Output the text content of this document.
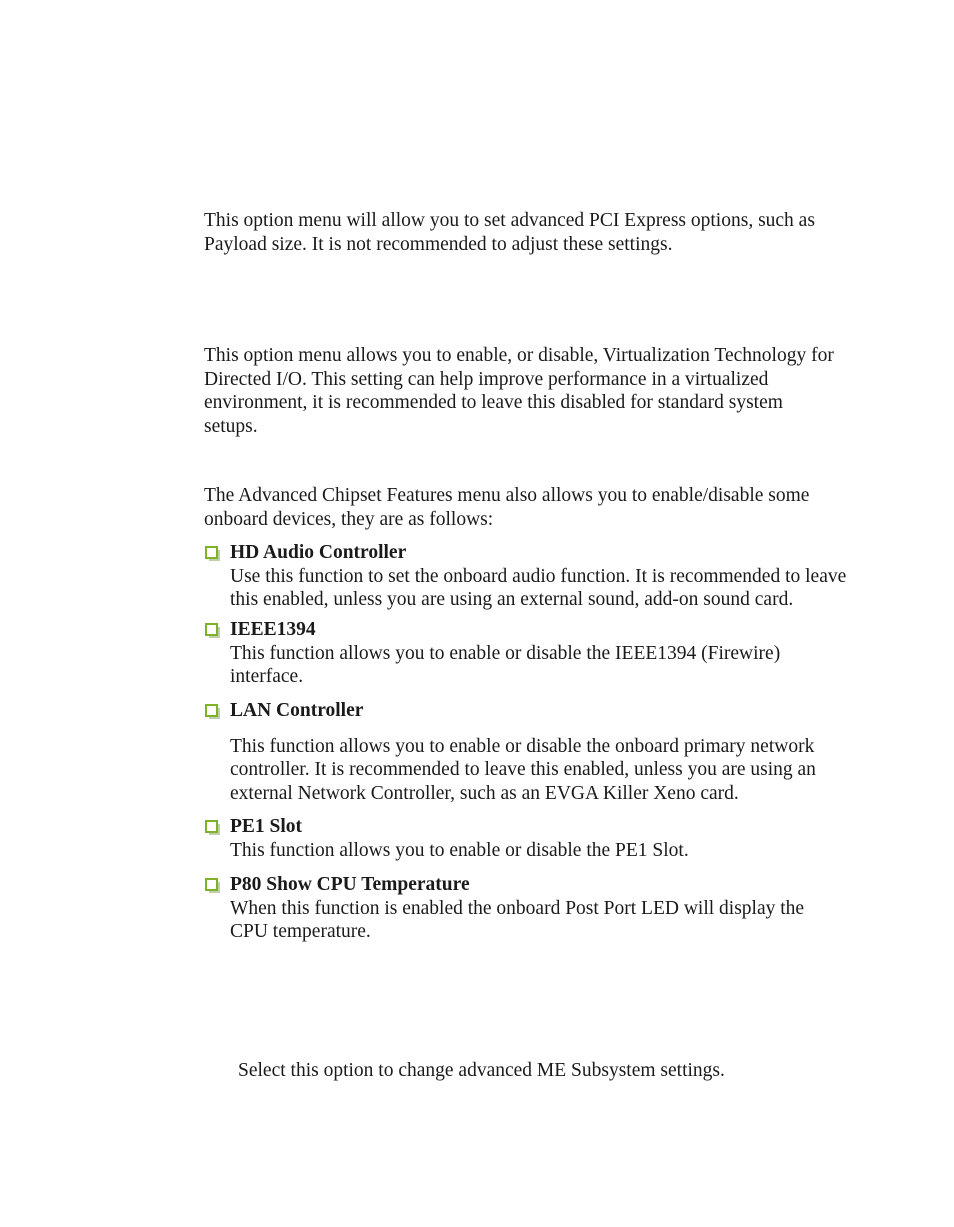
This option menu will allow you to set advanced PCI Express options, such as Payload size. It is not recommended to adjust these settings.

This option menu allows you to enable, or disable, Virtualization Technology for Directed I/O. This setting can help improve performance in a virtualized environment, it is recommended to leave this disabled for standard system setups.

The Advanced Chipset Features menu also allows you to enable/disable some onboard devices, they are as follows:

HD Audio Controller

Use this function to set the onboard audio function. It is recommended to leave this enabled, unless you are using an external sound, add-on sound card.

IEEE1394

This function allows you to enable or disable the IEEE1394 (Firewire) interface.

LAN Controller

This function allows you to enable or disable the onboard primary network controller. It is recommended to leave this enabled, unless you are using an external Network Controller, such as an EVGA Killer Xeno card.

PE1 Slot

This function allows you to enable or disable the PE1 Slot.

P80 Show CPU Temperature

When this function is enabled the onboard Post Port LED will display the CPU temperature.

Select this option to change advanced ME Subsystem settings.
